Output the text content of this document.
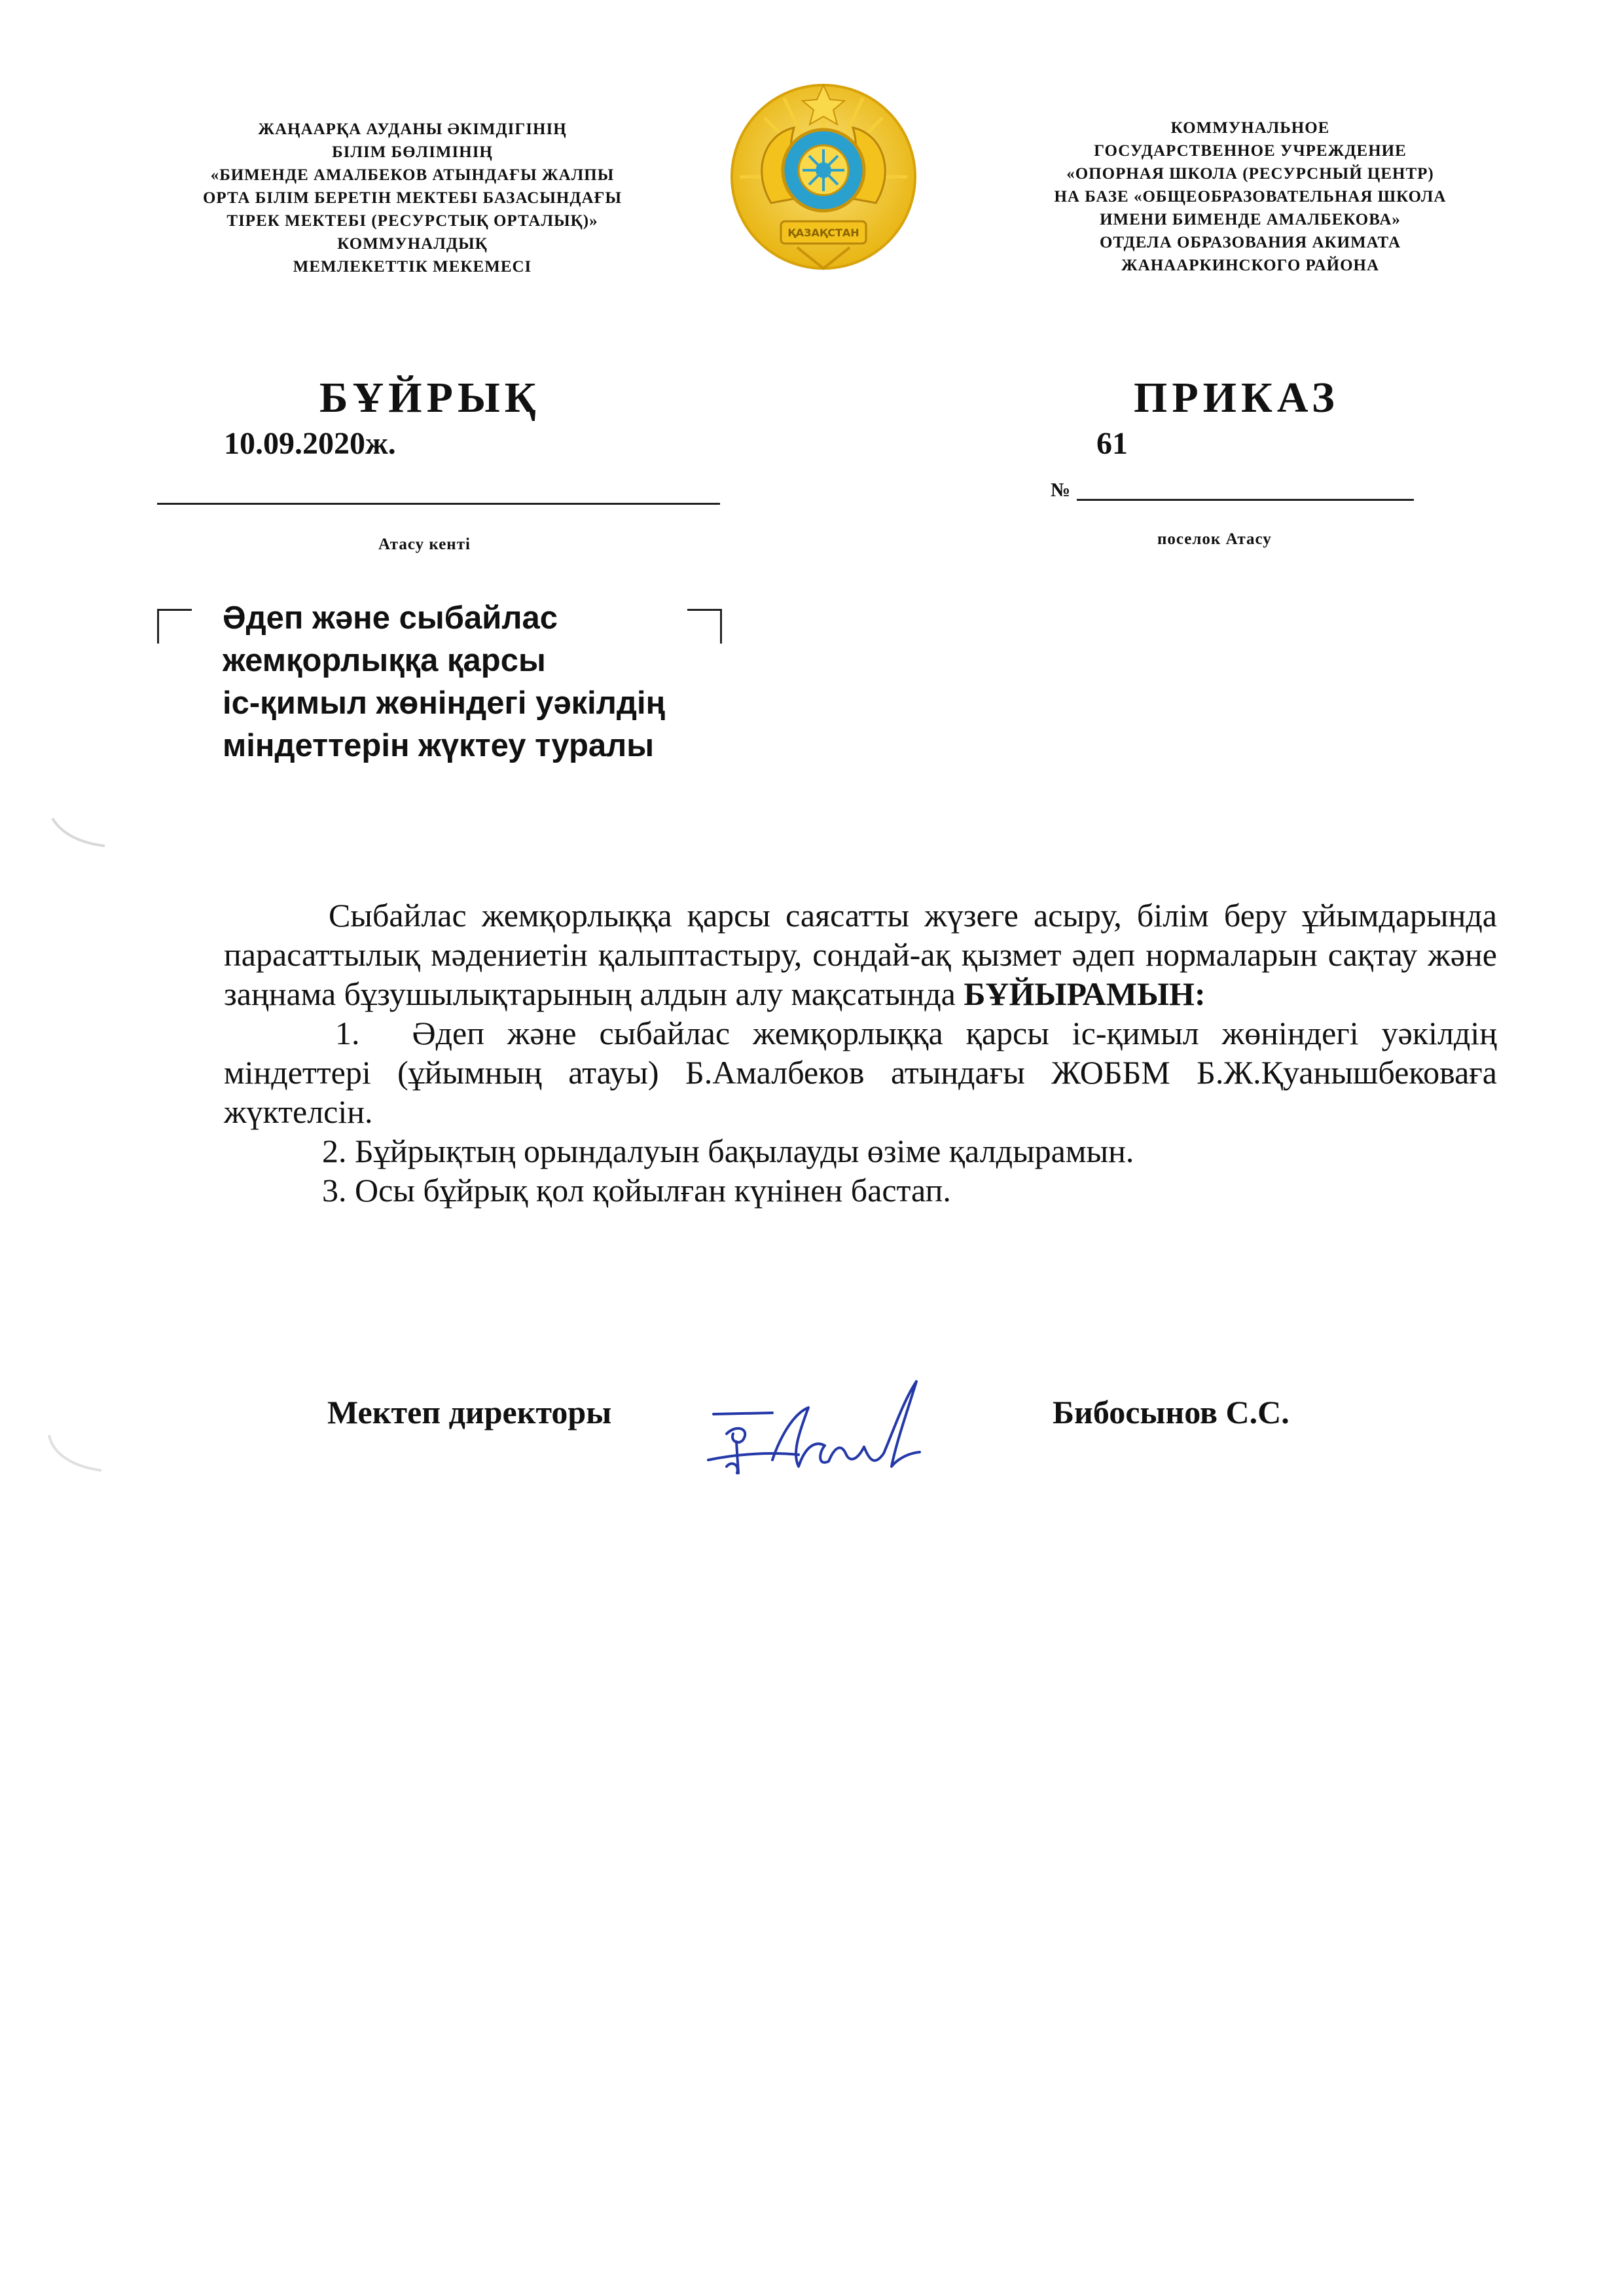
ЖАҢААРҚА АУДАНЫ ӘКІМДІГІНІҢ
БІЛІМ БӨЛІМІНІҢ
«БИМЕНДЕ АМАЛБЕКОВ АТЫНДАҒЫ ЖАЛПЫ
ОРТА БІЛІМ БЕРЕТІН МЕКТЕБІ БАЗАСЫНДАҒЫ
ТІРЕК МЕКТЕБІ (РЕСУРСТЫҚ ОРТАЛЫҚ)»
КОММУНАЛДЫҚ
МЕМЛЕКЕТТІК МЕКЕМЕСІ
ҚАЗАҚСТАН
КОММУНАЛЬНОЕ
ГОСУДАРСТВЕННОЕ УЧРЕЖДЕНИЕ
«ОПОРНАЯ ШКОЛА (РЕСУРСНЫЙ ЦЕНТР)
НА БАЗЕ «ОБЩЕОБРАЗОВАТЕЛЬНАЯ ШКОЛА
ИМЕНИ БИМЕНДЕ АМАЛБЕКОВА»
ОТДЕЛА ОБРАЗОВАНИЯ АКИМАТА
ЖАНААРКИНСКОГО РАЙОНА
БҰЙРЫҚ	ПРИКАЗ
10.09.2020ж.	61
№
Атасу кенті	поселок Атасу
Әдеп және сыбайлас
жемқорлыққа қарсы
іс-қимыл жөніндегі уәкілдің
міндеттерін жүктеу туралы
Сыбайлас жемқорлыққа қарсы саясатты жүзеге асыру, білім беру ұйымдарында парасаттылық мәдениетін қалыптастыру, сондай-ақ қызмет әдеп нормаларын сақтау және заңнама бұзушылықтарының алдын алу мақсатында БҰЙЫРАМЫН:
1. Әдеп және сыбайлас жемқорлыққа қарсы іс-қимыл жөніндегі уәкілдің міндеттері (ұйымның атауы) Б.Амалбеков атындағы ЖОББМ Б.Ж.Қуанышбековаға жүктелсін.
2. Бұйрықтың орындалуын бақылауды өзіме қалдырамын.
3. Осы бұйрық қол қойылған күнінен бастап.
Мектеп директоры	Бибосынов С.С.
